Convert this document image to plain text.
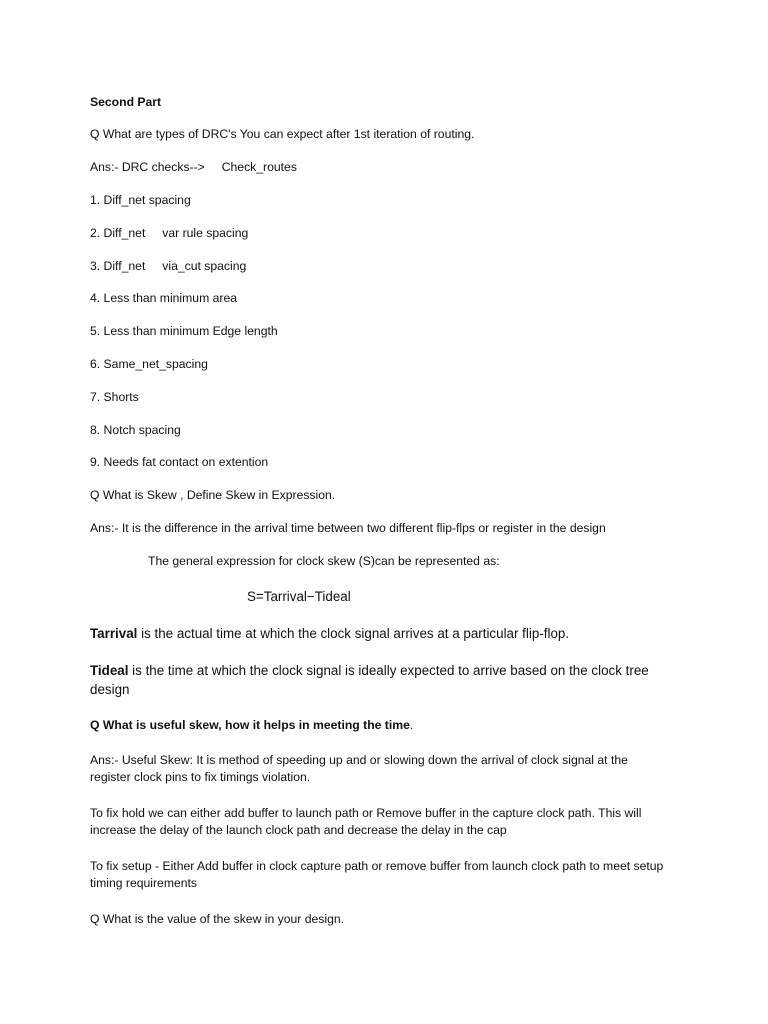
Second Part
Q What are types of DRC's You can expect after 1st iteration of routing.
Ans:- DRC checks-->     Check_routes
1. Diff_net spacing
2. Diff_net     var rule spacing
3. Diff_net     via_cut spacing
4. Less than minimum area
5. Less than minimum Edge length
6. Same_net_spacing
7. Shorts
8. Notch spacing
9. Needs fat contact on extention
Q What is Skew , Define Skew in Expression.
Ans:- It is the difference in the arrival time between two different flip-flps or register in the design
The general expression for clock skew (S)can be represented as:
S=Tarrival−Tideal
Tarrival is the actual time at which the clock signal arrives at a particular flip-flop.
Tideal is the time at which the clock signal is ideally expected to arrive based on the clock tree design
Q What is useful skew, how it helps in meeting the time.
Ans:- Useful Skew: It is method of speeding up and or slowing down the arrival of clock signal at the register clock pins to fix timings violation.
To fix hold we can either add buffer to launch path or Remove buffer in the capture clock path. This will increase the delay of the launch clock path and decrease the delay in the cap
To fix setup - Either Add buffer in clock capture path or remove buffer from launch clock path to meet setup timing requirements
Q What is the value of the skew in your design.
